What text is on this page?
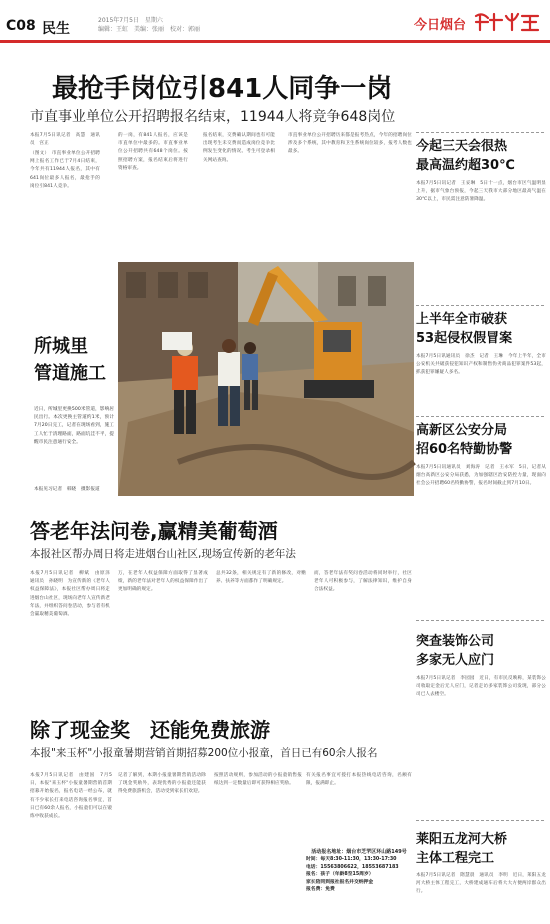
C08 民生
2015年7月5日　星期六
编辑：王虹　美编：张丽　校对：郭丽	今日烟台
最抢手岗位引841人同争一岗
市直事业单位公开招聘报名结束，11944人将竞争648岗位
本报7月5日讯记者　高慧　通讯员　宫正
（图文）　市直事业单位公开招聘网上报名工作已于7月4日结束，今年共有11944人报名，其中有641岗位最多人报名，最抢手的岗位引841人竞争。
的一岗，有841人报名，应该是市直单位中最多的。市直事业单位公开招聘共有648个岗位。按照招聘方案，报名结束后将进行资格审查。
报名结束，交费确认期间也有可能出现考生未交费而造成岗位竞争比例发生变化的情况。考生可登录相关网站查询。
市直事业单位公开招聘历来都是报考热点，今年的招聘岗位涉及多个系统，其中教育和卫生系统岗位较多，报考人数也最多。
所城里
管道施工
近日，所城里更换500米管道，影响居民出行。本次更换主管道约1米，预计7月20日完工，记者在现场看到，施工工人忙于清理路面，路面坑洼不平，提醒市民注意通行安全。
本报见习记者　韩晓　摄影报道
答老年法问卷,赢精美葡萄酒
本报社区帮办周日将走进烟台山社区,现场宣传新的老年法
本报7月5日讯记者　柳斌　由原泽　通讯员　孙晓明　为宣传新的《老年人权益保障法》，本报社区帮办周日将走进烟台山社区，现场向老年人宣传新老年法，并组织答问卷活动，参与者有机会赢取精美葡萄酒。
万，在老年人权益保障方面取得了显著成绩，新的老年法对老年人的权益保障作出了更加明确的规定。
总共32条，相关规定有了新的修改，对赡养、扶养等方面都作了明确规定。
而，答老年法有奖问卷活动将同时举行，社区老年人可积极参与，了解法律知识，维护自身合法权益。
除了现金奖　还能免费旅游
本报"来玉杯"小报童暑期营销首期招募200位小报童，首日已有60余人报名
本报7月5日讯记者　由建国　7月5日，本报"来玉杯"小报童暑期营销首期招募开始报名，报名电话一经公布，就有不少家长打来电话咨询报名事宜，首日已有60余人报名，小报童们可以在锻炼中收获成长。
记者了解到，本期小报童暑期营销活动除了现金奖励外，表现优秀的小报童还能获得免费旅游机会，活动受到家长们欢迎。
按照活动规则，参加活动的小报童销售报纸达到一定数量后即可获得相应奖励。
有关报名事宜可拨打本报热线电话咨询，名额有限，报满即止。
活动报名地址：烟台市芝罘区环山路149号
时间：每天8:30-11:30，13:30-17:30
电话：15563806622，18553687183
报名：孩子（年龄8至15周岁）
家长陪同到报社报名并交纳押金
报名费：免费
今起三天会很热
最高温约超30℃
本报7月5日讯记者　王妥琳　5日十一点，烟台市区气温明显上升，据市气象台预报，今起三天我市大部分地区最高气温在30℃以上，市民需注意防暑降温。
上半年全市破获
53起侵权假冒案
本报7月5日讯通讯员　徐杰　记者　王琳　今年上半年，全市公安机关共破获侵犯知识产权和制售伪劣商品犯罪案件53起，抓获犯罪嫌疑人多名。
高新区公安分局
招60名特勤协警
本报7月5日讯通讯员　刘海涛　记者　王永军　5日，记者从烟台高新区公安分局获悉，为加强辖区治安防控力量，现面向社会公开招聘60名特勤协警，报名时间截止到7月10日。
突查装饰公司
多家无人应门
本报7月5日讯记者　李园园　近日，有市民反映称，某装饰公司收取定金后无人应门，记者走访多家装饰公司发现，部分公司已人去楼空。
莱阳五龙河大桥
主体工程完工
本报7月5日讯记者　隋慧晨　通讯员　李明　近日，莱阳五龙河大桥主体工程完工，大桥建成通车后将大大方便两岸群众出行。
